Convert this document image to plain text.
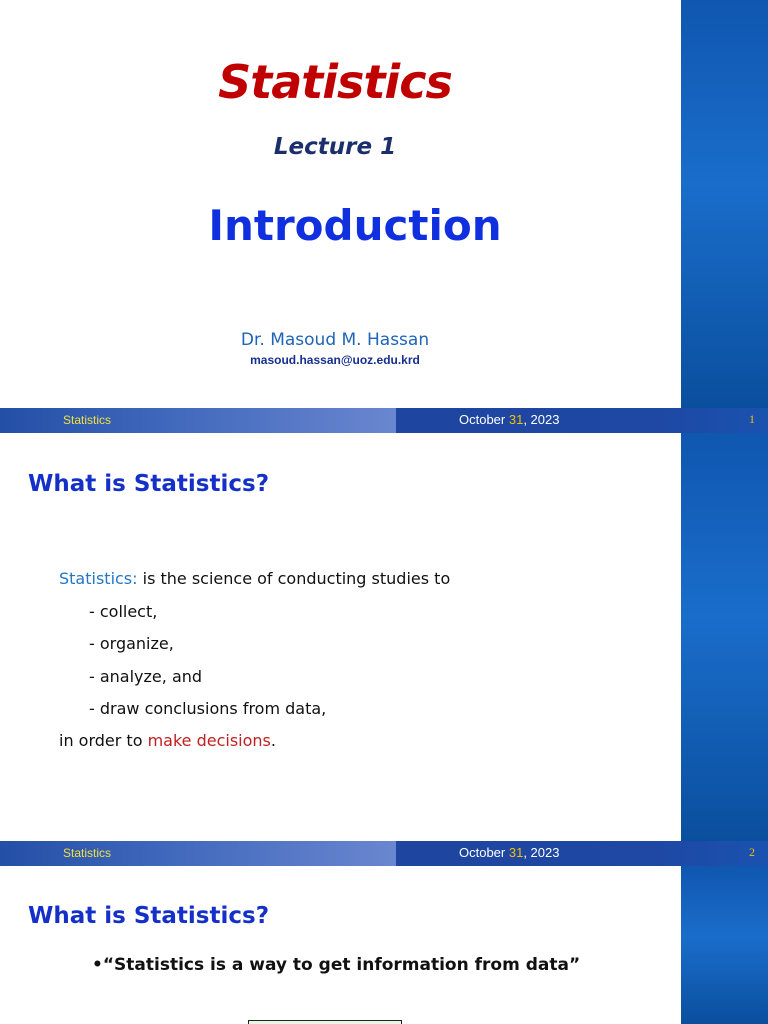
Statistics
Lecture 1
Introduction
Dr. Masoud M. Hassan
masoud.hassan@uoz.edu.krd
Statistics	October 31, 2023	1
What is Statistics?
Statistics: is the science of conducting studies to
- collect,
- organize,
- analyze, and
- draw conclusions from data,
in order to make decisions.
Statistics	October 31, 2023	2
What is Statistics?
•“Statistics is a way to get information from data”
